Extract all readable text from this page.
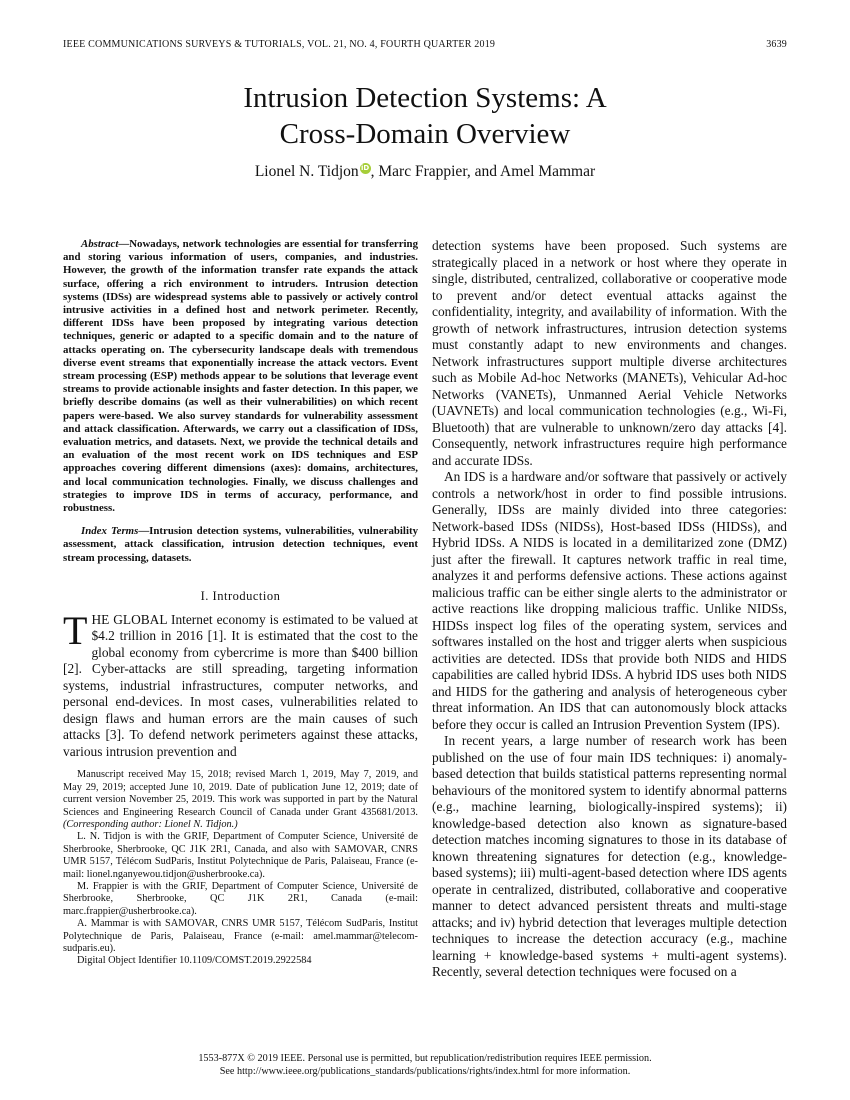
IEEE COMMUNICATIONS SURVEYS & TUTORIALS, VOL. 21, NO. 4, FOURTH QUARTER 2019	3639
Intrusion Detection Systems: A
Cross-Domain Overview
Lionel N. Tidjon iD, Marc Frappier, and Amel Mammar

Abstract—Nowadays, network technologies are essential for transferring and storing various information of users, companies, and industries. However, the growth of the information transfer rate expands the attack surface, offering a rich environment to intruders. Intrusion detection systems (IDSs) are widespread systems able to passively or actively control intrusive activities in a defined host and network perimeter. Recently, different IDSs have been proposed by integrating various detection techniques, generic or adapted to a specific domain and to the nature of attacks operating on. The cybersecurity landscape deals with tremendous diverse event streams that exponentially increase the attack vectors. Event stream processing (ESP) methods appear to be solutions that leverage event streams to provide actionable insights and faster detection. In this paper, we briefly describe domains (as well as their vulnerabilities) on which recent papers were-based. We also survey standards for vulnerability assessment and attack classification. Afterwards, we carry out a classification of IDSs, evaluation metrics, and datasets. Next, we provide the technical details and an evaluation of the most recent work on IDS techniques and ESP approaches covering different dimensions (axes): domains, architectures, and local communication technologies. Finally, we discuss challenges and strategies to improve IDS in terms of accuracy, performance, and robustness.

Index Terms—Intrusion detection systems, vulnerabilities, vulnerability assessment, attack classification, intrusion detection techniques, event stream processing, datasets.

I. Introduction

THE GLOBAL Internet economy is estimated to be valued at $4.2 trillion in 2016 [1]. It is estimated that the cost to the global economy from cybercrime is more than $400 billion [2]. Cyber-attacks are still spreading, targeting information systems, industrial infrastructures, computer networks, and personal end-devices. In most cases, vulnerabilities related to design flaws and human errors are the main causes of such attacks [3]. To defend network perimeters against these attacks, various intrusion prevention and

Manuscript received May 15, 2018; revised March 1, 2019, May 7, 2019, and May 29, 2019; accepted June 10, 2019. Date of publication June 12, 2019; date of current version November 25, 2019. This work was supported in part by the Natural Sciences and Engineering Research Council of Canada under Grant 435681/2013. (Corresponding author: Lionel N. Tidjon.)

L. N. Tidjon is with the GRIF, Department of Computer Science, Université de Sherbrooke, Sherbrooke, QC J1K 2R1, Canada, and also with SAMOVAR, CNRS UMR 5157, Télécom SudParis, Institut Polytechnique de Paris, Palaiseau, France (e-mail: lionel.nganyewou.tidjon@usherbrooke.ca).

M. Frappier is with the GRIF, Department of Computer Science, Université de Sherbrooke, Sherbrooke, QC J1K 2R1, Canada (e-mail: marc.frappier@usherbrooke.ca).

A. Mammar is with SAMOVAR, CNRS UMR 5157, Télécom SudParis, Institut Polytechnique de Paris, Palaiseau, France (e-mail: amel.mammar@telecom-sudparis.eu).

Digital Object Identifier 10.1109/COMST.2019.2922584

detection systems have been proposed. Such systems are strategically placed in a network or host where they operate in single, distributed, centralized, collaborative or cooperative mode to prevent and/or detect eventual attacks against the confidentiality, integrity, and availability of information. With the growth of network infrastructures, intrusion detection systems must constantly adapt to new environments and changes. Network infrastructures support multiple diverse architectures such as Mobile Ad-hoc Networks (MANETs), Vehicular Ad-hoc Networks (VANETs), Unmanned Aerial Vehicle Networks (UAVNETs) and local communication technologies (e.g., Wi-Fi, Bluetooth) that are vulnerable to unknown/zero day attacks [4]. Consequently, network infrastructures require high performance and accurate IDSs.

An IDS is a hardware and/or software that passively or actively controls a network/host in order to find possible intrusions. Generally, IDSs are mainly divided into three categories: Network-based IDSs (NIDSs), Host-based IDSs (HIDSs), and Hybrid IDSs. A NIDS is located in a demilitarized zone (DMZ) just after the firewall. It captures network traffic in real time, analyzes it and performs defensive actions. These actions against malicious traffic can be either single alerts to the administrator or active reactions like dropping malicious traffic. Unlike NIDSs, HIDSs inspect log files of the operating system, services and softwares installed on the host and trigger alerts when suspicious activities are detected. IDSs that provide both NIDS and HIDS capabilities are called hybrid IDSs. A hybrid IDS uses both NIDS and HIDS for the gathering and analysis of heterogeneous cyber threat information. An IDS that can autonomously block attacks before they occur is called an Intrusion Prevention System (IPS).

In recent years, a large number of research work has been published on the use of four main IDS techniques: i) anomaly-based detection that builds statistical patterns representing normal behaviours of the monitored system to identify abnormal patterns (e.g., machine learning, biologically-inspired systems); ii) knowledge-based detection also known as signature-based detection matches incoming signatures to those in its database of known threatening signatures for detection (e.g., knowledge-based systems); iii) multi-agent-based detection where IDS agents operate in centralized, distributed, collaborative and cooperative manner to detect advanced persistent threats and multi-stage attacks; and iv) hybrid detection that leverages multiple detection techniques to increase the detection accuracy (e.g., machine learning + knowledge-based systems + multi-agent systems). Recently, several detection techniques were focused on a

1553-877X © 2019 IEEE. Personal use is permitted, but republication/redistribution requires IEEE permission.
See http://www.ieee.org/publications_standards/publications/rights/index.html for more information.
